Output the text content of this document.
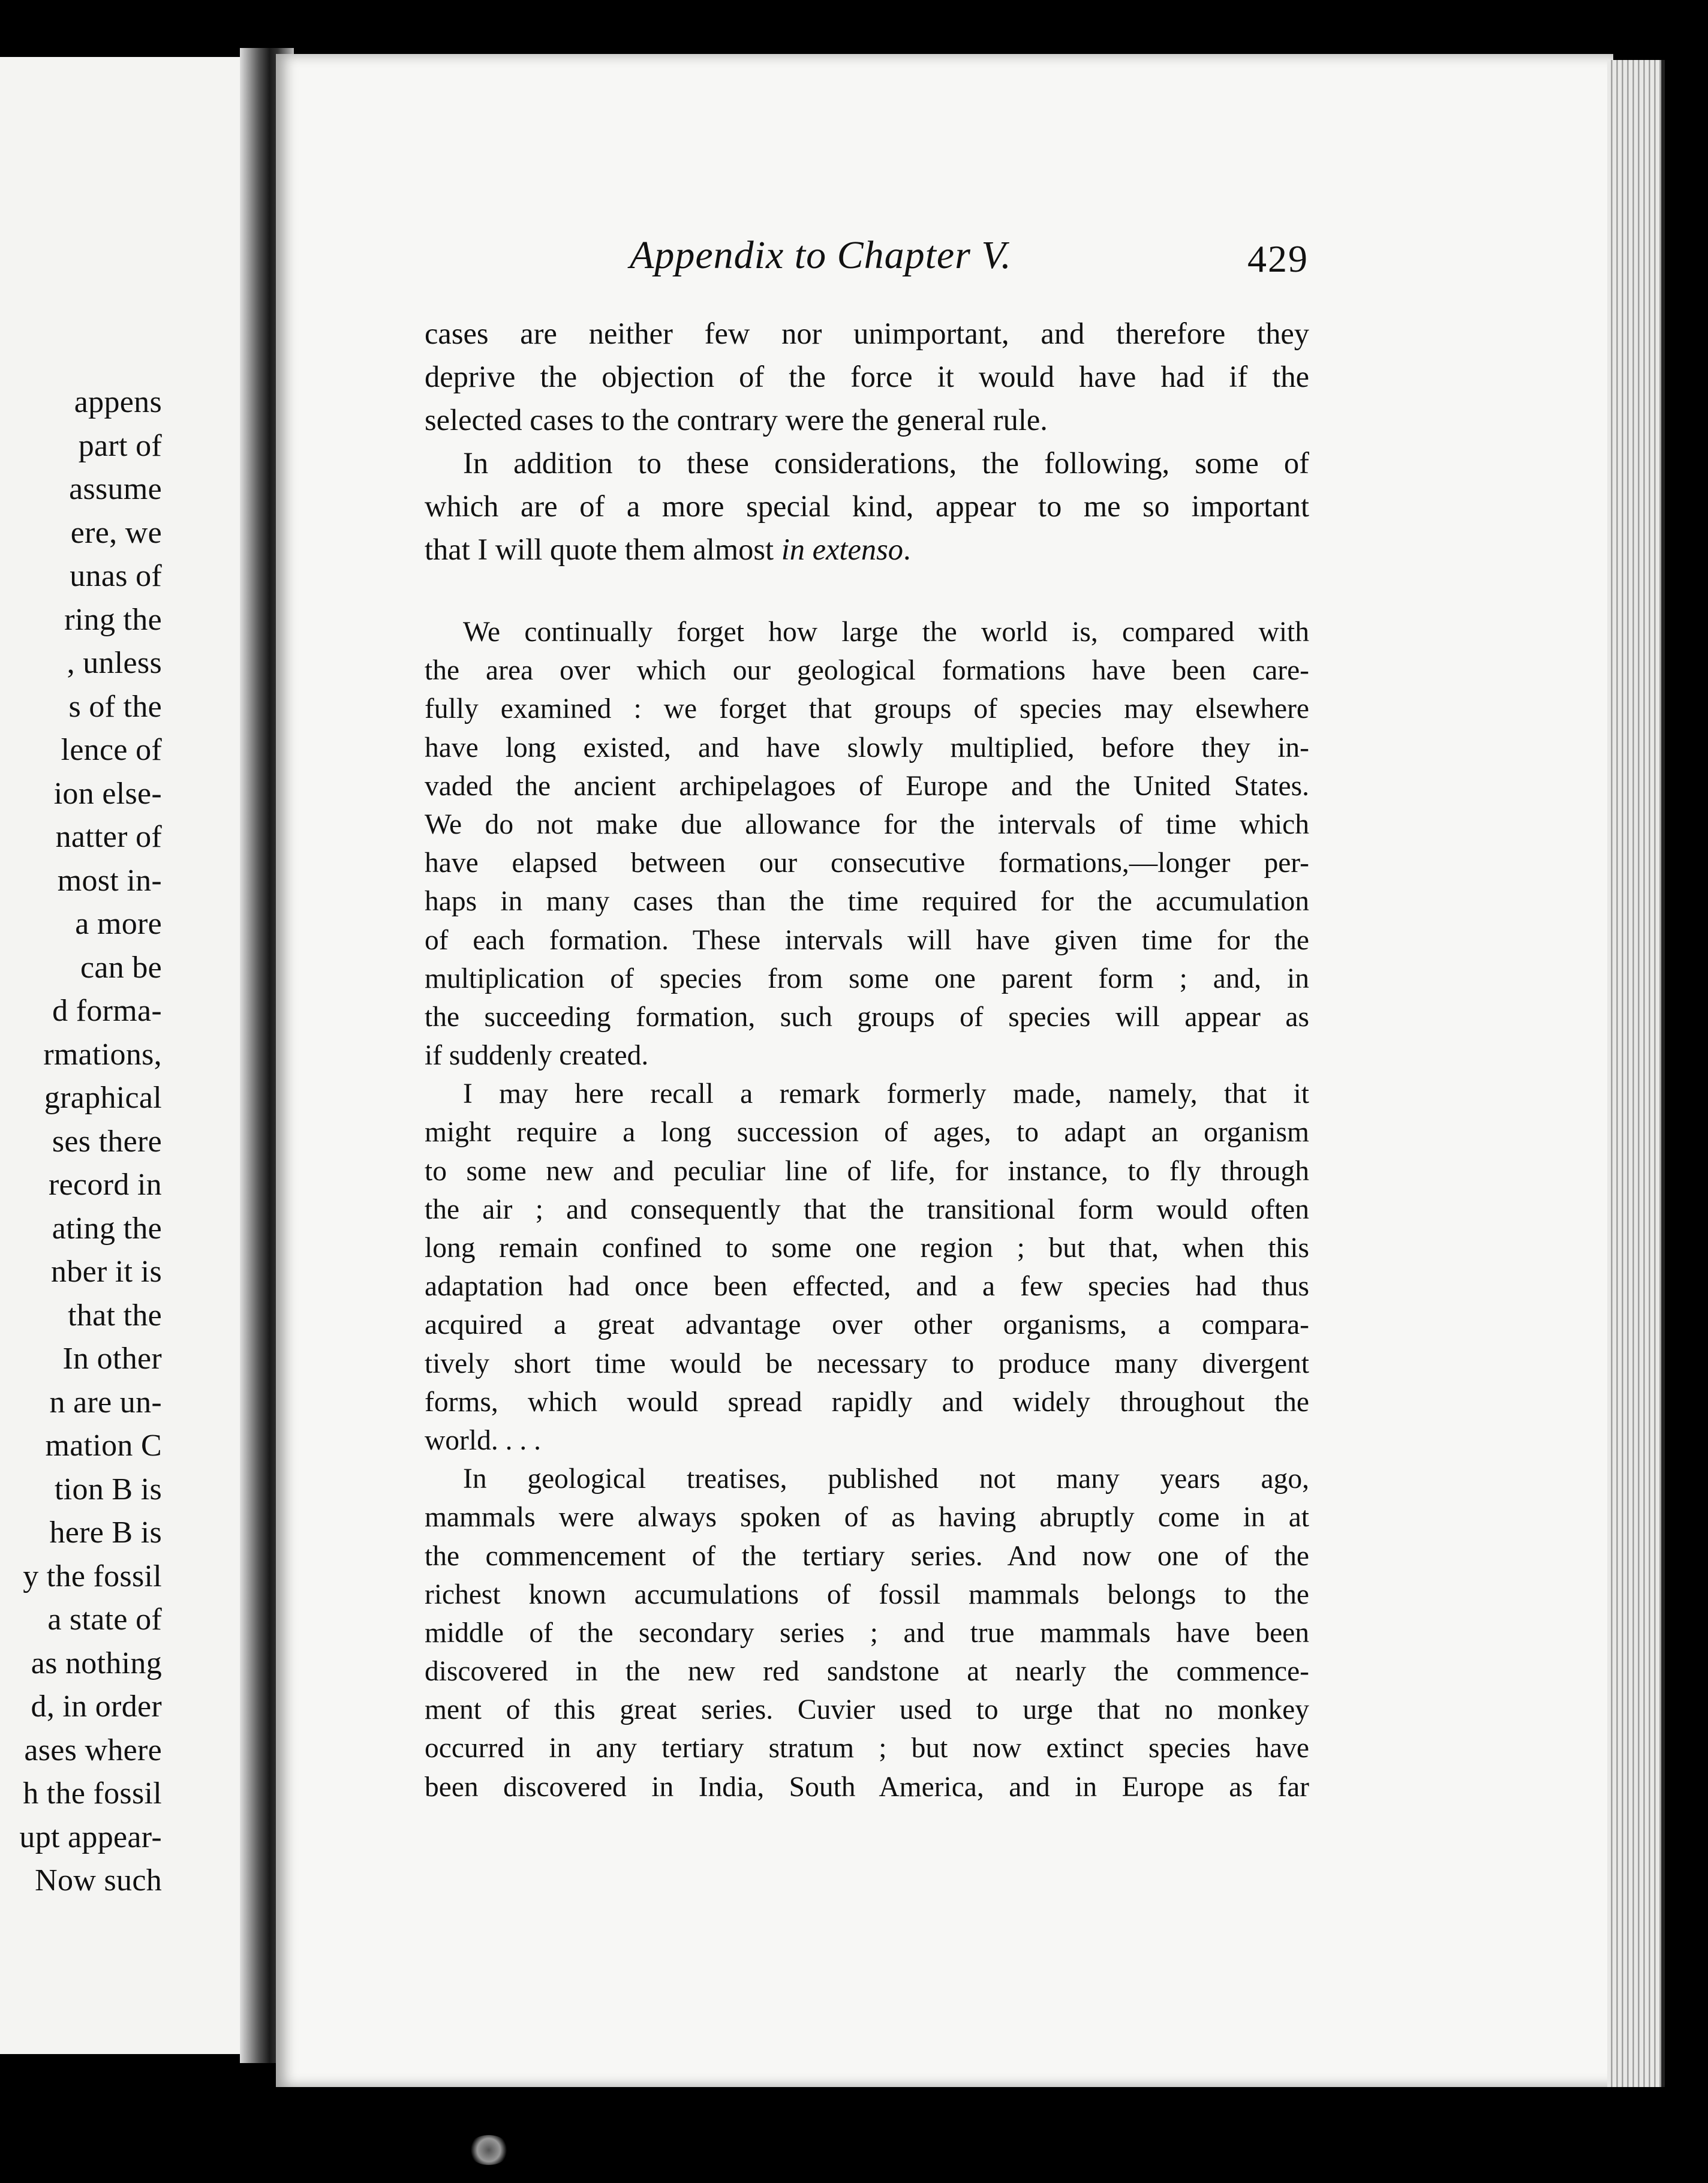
appens
part of
assume
ere, we
unas of
ring the
, unless
s of the
lence of
ion else-
natter of
most in-
a more
can be
d forma-
rmations,
graphical
ses there
record in
ating the
nber it is
that the
In other
n are un-
mation C
tion B is
here B is
y the fossil
a state of
as nothing
d, in order
ases where
h the fossil
upt appear-
Now such
Appendix to Chapter V.	429
cases are neither few nor unimportant, and therefore they
deprive the objection of the force it would have had if the
selected cases to the contrary were the general rule.
In addition to these considerations, the following, some of
which are of a more special kind, appear to me so important
that I will quote them almost in extenso.
We continually forget how large the world is, compared with
the area over which our geological formations have been care-
fully examined : we forget that groups of species may elsewhere
have long existed, and have slowly multiplied, before they in-
vaded the ancient archipelagoes of Europe and the United States.
We do not make due allowance for the intervals of time which
have elapsed between our consecutive formations,—longer per-
haps in many cases than the time required for the accumulation
of each formation. These intervals will have given time for the
multiplication of species from some one parent form ; and, in
the succeeding formation, such groups of species will appear as
if suddenly created.
I may here recall a remark formerly made, namely, that it
might require a long succession of ages, to adapt an organism
to some new and peculiar line of life, for instance, to fly through
the air ; and consequently that the transitional form would often
long remain confined to some one region ; but that, when this
adaptation had once been effected, and a few species had thus
acquired a great advantage over other organisms, a compara-
tively short time would be necessary to produce many divergent
forms, which would spread rapidly and widely throughout the
world. . . .
In geological treatises, published not many years ago,
mammals were always spoken of as having abruptly come in at
the commencement of the tertiary series. And now one of the
richest known accumulations of fossil mammals belongs to the
middle of the secondary series ; and true mammals have been
discovered in the new red sandstone at nearly the commence-
ment of this great series. Cuvier used to urge that no monkey
occurred in any tertiary stratum ; but now extinct species have
been discovered in India, South America, and in Europe as far
